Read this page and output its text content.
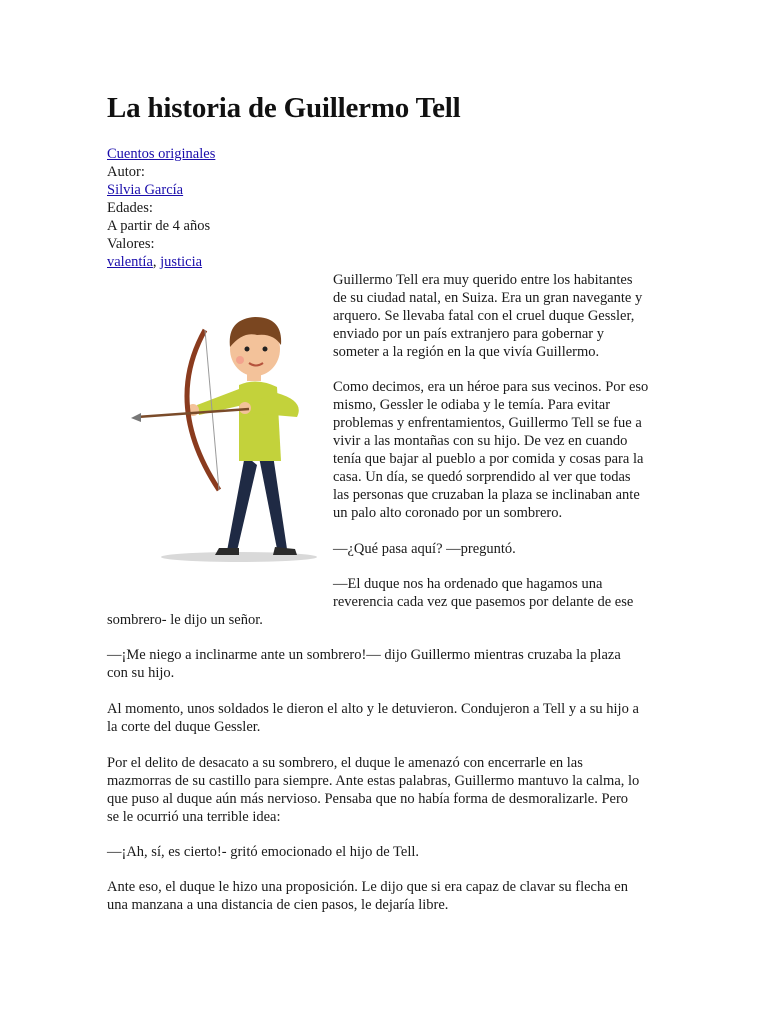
La historia de Guillermo Tell
Cuentos originales
Autor:
Silvia García
Edades:
A partir de 4 años
Valores:
valentía, justicia
Guillermo Tell era muy querido entre los habitantes
de su ciudad natal, en Suiza. Era un gran navegante y
arquero. Se llevaba fatal con el cruel duque Gessler,
enviado por un país extranjero para gobernar y
someter a la región en la que vivía Guillermo.
Como decimos, era un héroe para sus vecinos. Por eso
mismo, Gessler le odiaba y le temía. Para evitar
problemas y enfrentamientos, Guillermo Tell se fue a
vivir a las montañas con su hijo. De vez en cuando
tenía que bajar al pueblo a por comida y cosas para la
casa. Un día, se quedó sorprendido al ver que todas
las personas que cruzaban la plaza se inclinaban ante
un palo alto coronado por un sombrero.
—¿Qué pasa aquí? —preguntó.
—El duque nos ha ordenado que hagamos una
reverencia cada vez que pasemos por delante de ese
sombrero- le dijo un señor.
—¡Me niego a inclinarme ante un sombrero!— dijo Guillermo mientras cruzaba la plaza
con su hijo.
Al momento, unos soldados le dieron el alto y le detuvieron. Condujeron a Tell y a su hijo a
la corte del duque Gessler.
Por el delito de desacato a su sombrero, el duque le amenazó con encerrarle en las
mazmorras de su castillo para siempre. Ante estas palabras, Guillermo mantuvo la calma, lo
que puso al duque aún más nervioso. Pensaba que no había forma de desmoralizarle. Pero
se le ocurrió una terrible idea:
—¡Ah, sí, es cierto!- gritó emocionado el hijo de Tell.
Ante eso, el duque le hizo una proposición. Le dijo que si era capaz de clavar su flecha en
una manzana a una distancia de cien pasos, le dejaría libre.
